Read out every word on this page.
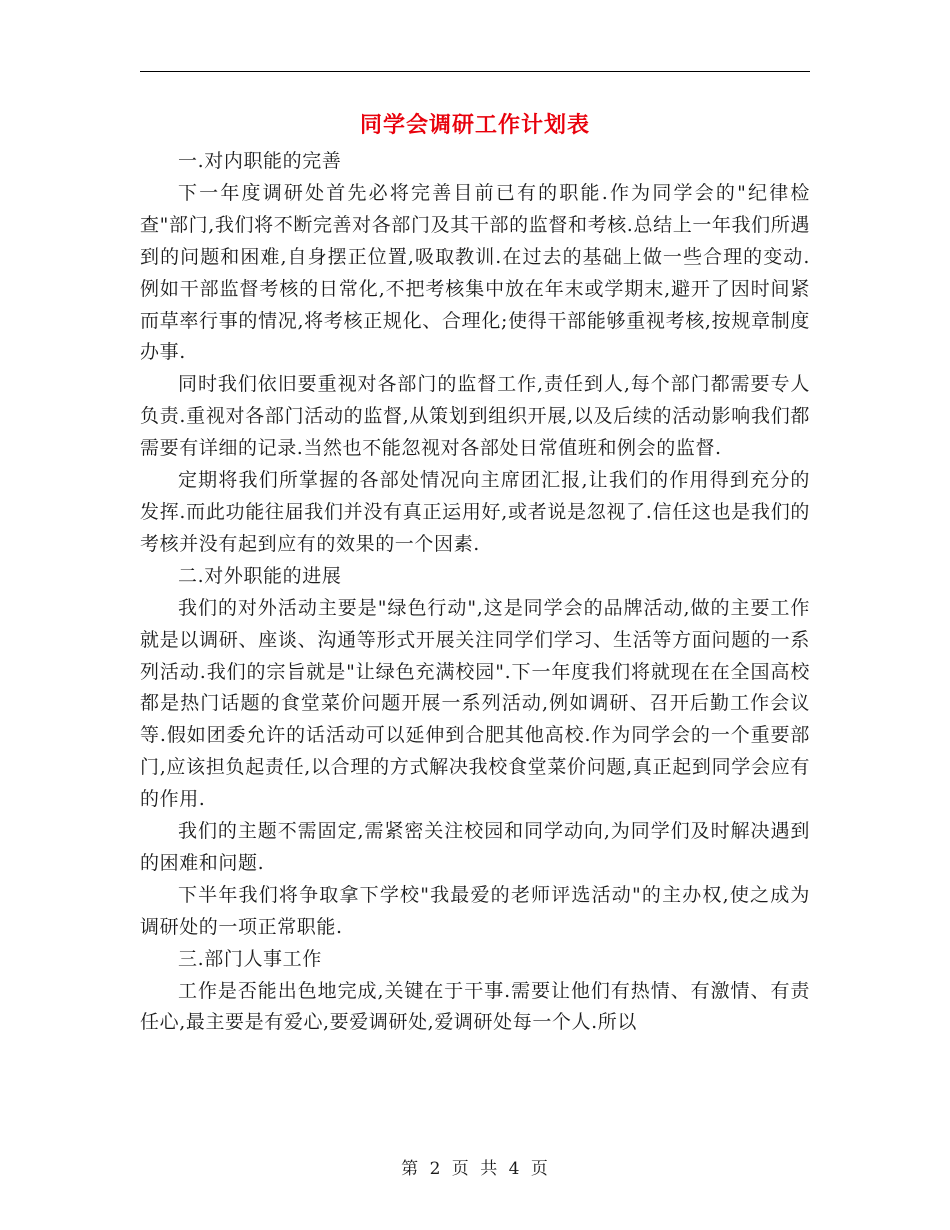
同学会调研工作计划表

一.对内职能的完善

下一年度调研处首先必将完善目前已有的职能.作为同学会的"纪律检查"部门,我们将不断完善对各部门及其干部的监督和考核.总结上一年我们所遇到的问题和困难,自身摆正位置,吸取教训.在过去的基础上做一些合理的变动.例如干部监督考核的日常化,不把考核集中放在年末或学期末,避开了因时间紧而草率行事的情况,将考核正规化、合理化;使得干部能够重视考核,按规章制度办事.

同时我们依旧要重视对各部门的监督工作,责任到人,每个部门都需要专人负责.重视对各部门活动的监督,从策划到组织开展,以及后续的活动影响我们都需要有详细的记录.当然也不能忽视对各部处日常值班和例会的监督.

定期将我们所掌握的各部处情况向主席团汇报,让我们的作用得到充分的发挥.而此功能往届我们并没有真正运用好,或者说是忽视了.信任这也是我们的考核并没有起到应有的效果的一个因素.

二.对外职能的进展

我们的对外活动主要是"绿色行动",这是同学会的品牌活动,做的主要工作就是以调研、座谈、沟通等形式开展关注同学们学习、生活等方面问题的一系列活动.我们的宗旨就是"让绿色充满校园".下一年度我们将就现在在全国高校都是热门话题的食堂菜价问题开展一系列活动,例如调研、召开后勤工作会议等.假如团委允许的话活动可以延伸到合肥其他高校.作为同学会的一个重要部门,应该担负起责任,以合理的方式解决我校食堂菜价问题,真正起到同学会应有的作用.

我们的主题不需固定,需紧密关注校园和同学动向,为同学们及时解决遇到的困难和问题.

下半年我们将争取拿下学校"我最爱的老师评选活动"的主办权,使之成为调研处的一项正常职能.

三.部门人事工作

工作是否能出色地完成,关键在于干事.需要让他们有热情、有激情、有责任心,最主要是有爱心,要爱调研处,爱调研处每一个人.所以

第 2 页 共 4 页
